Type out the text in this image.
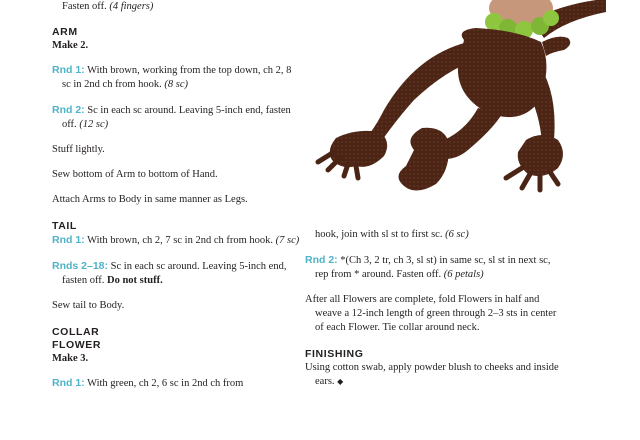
Fasten off. (4 fingers)

ARM
Make 2.

Rnd 1: With brown, working from the top down, ch 2, 8 sc in 2nd ch from hook. (8 sc)

Rnd 2: Sc in each sc around. Leaving 5-inch end, fasten off. (12 sc)

Stuff lightly.

Sew bottom of Arm to bottom of Hand.

Attach Arms to Body in same manner as Legs.

TAIL

Rnd 1: With brown, ch 2, 7 sc in 2nd ch from hook. (7 sc)

Rnds 2–18: Sc in each sc around. Leaving 5-inch end, fasten off. Do not stuff.

Sew tail to Body.

COLLAR
FLOWER
Make 3.

Rnd 1: With green, ch 2, 6 sc in 2nd ch from

hook, join with sl st to first sc. (6 sc)

Rnd 2: *(Ch 3, 2 tr, ch 3, sl st) in same sc, sl st in next sc, rep from * around. Fasten off. (6 petals)

After all Flowers are complete, fold Flowers in half and weave a 12-inch length of green through 2–3 sts in center of each Flower. Tie collar around neck.

FINISHING

Using cotton swab, apply powder blush to cheeks and inside ears. ◆
